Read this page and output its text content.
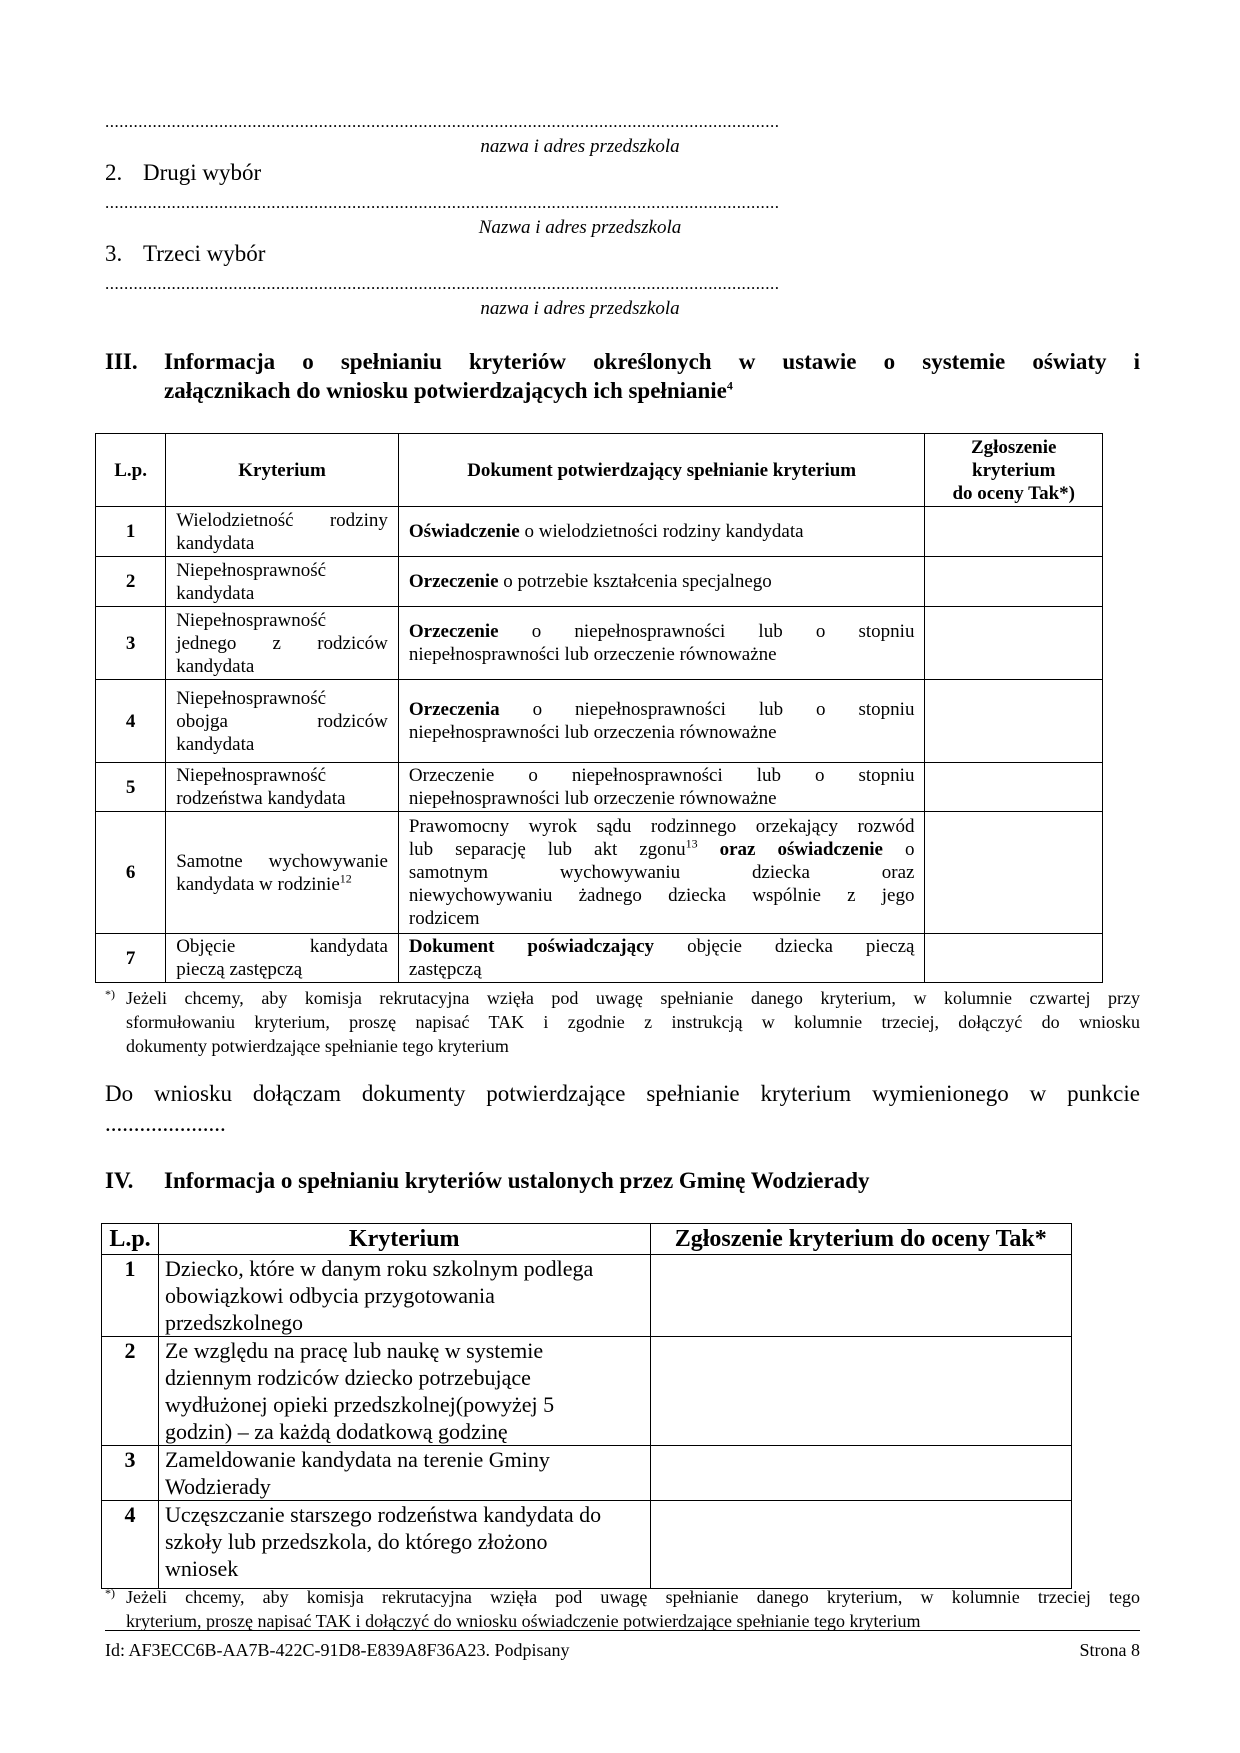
..............................................................................................................................................
nazwa i adres przedszkola
2. Drugi wybór
..............................................................................................................................................
Nazwa i adres przedszkola
3. Trzeci wybór
..............................................................................................................................................
nazwa i adres przedszkola
III. Informacja o spełnianiu kryteriów określonych w ustawie o systemie oświaty i
załącznikach do wniosku potwierdzających ich spełnianie$^4$
L.p.	Kryterium	Dokument potwierdzający spełnianie kryterium	Zgłoszenie
kryterium
do oceny Tak*)

1	Wielodzietność rodziny
kandydata	Oświadczenie o wielodzietności rodziny kandydata	
2	Niepełnosprawność
kandydata	Orzeczenie o potrzebie kształcenia specjalnego	
3	Niepełnosprawność
jednego z rodziców
kandydata	Orzeczenie o niepełnosprawności lub o stopniu
niepełnosprawności lub orzeczenie równoważne	

4	Niepełnosprawność
obojga rodziców
kandydata	Orzeczenia o niepełnosprawności lub o stopniu
niepełnosprawności lub orzeczenia równoważne	

5	Niepełnosprawność
rodzeństwa kandydata	Orzeczenie o niepełnosprawności lub o stopniu
niepełnosprawności lub orzeczenie równoważne	

6	Samotne wychowywanie
kandydata w rodzinie$^{12}$	Prawomocny wyrok sądu rodzinnego orzekający rozwód
lub separację lub akt zgonu$^{13}$ oraz oświadczenie o
samotnym wychowywaniu dziecka oraz
niewychowywaniu żadnego dziecka wspólnie z jego
rodzicem	

7	Objęcie kandydata
pieczą zastępczą	Dokument poświadczający objęcie dziecka pieczą
zastępczą	

*) Jeżeli chcemy, aby komisja rekrutacyjna wzięła pod uwagę spełnianie danego kryterium, w kolumnie czwartej przy
sformułowaniu kryterium, proszę napisać TAK i zgodnie z instrukcją w kolumnie trzeciej, dołączyć do wniosku
dokumenty potwierdzające spełnianie tego kryterium
Do wniosku dołączam dokumenty potwierdzające spełnianie kryterium wymienionego w punkcie
.....................
IV. Informacja o spełnianiu kryteriów ustalonych przez Gminę Wodzierady
L.p.	Kryterium	Zgłoszenie kryterium do oceny Tak*
1	Dziecko, które w danym roku szkolnym podlega
obowiązkowi odbycia przygotowania
przedszkolnego	

2	Ze względu na pracę lub naukę w systemie
dziennym rodziców dziecko potrzebujące
wydłużonej opieki przedszkolnej(powyżej 5
godzin) – za każdą dodatkową godzinę	

3	Zameldowanie kandydata na terenie Gminy
Wodzierady	

4	Uczęszczanie starszego rodzeństwa kandydata do
szkoły lub przedszkola, do którego złożono
wniosek	

*) Jeżeli chcemy, aby komisja rekrutacyjna wzięła pod uwagę spełnianie danego kryterium, w kolumnie trzeciej tego
kryterium, proszę napisać TAK i dołączyć do wniosku oświadczenie potwierdzające spełnianie tego kryterium
Id: AF3ECC6B-AA7B-422C-91D8-E839A8F36A23. Podpisany	Strona 8
